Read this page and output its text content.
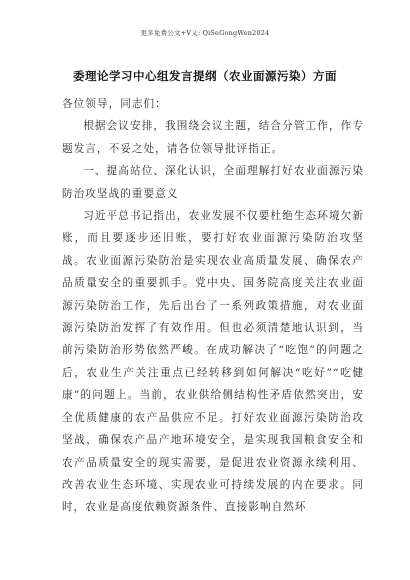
更多免费公文+V乂: QiSeGongWen2024
委理论学习中心组发言提纲（农业面源污染）方面

各位领导，同志们：

根据会议安排，我围绕会议主题，结合分管工作，作专题发言，不妥之处，请各位领导批评指正。

一、提高站位、深化认识，全面理解打好农业面源污染防治攻坚战的重要意义

习近平总书记指出，农业发展不仅要杜绝生态环境欠新账，而且要逐步还旧账，要打好农业面源污染防治攻坚战。农业面源污染防治是实现农业高质量发展、确保农产品质量安全的重要抓手。党中央、国务院高度关注农业面源污染防治工作，先后出台了一系列政策措施，对农业面源污染防治发挥了有效作用。但也必须清楚地认识到，当前污染防治形势依然严峻。在成功解决了“吃饱”的问题之后，农业生产关注重点已经转移到如何解决“吃好”“吃健康”的问题上。当前，农业供给侧结构性矛盾依然突出，安全优质健康的农产品供应不足。打好农业面源污染防治攻坚战，确保农产品产地环境安全，是实现我国粮食安全和农产品质量安全的现实需要，是促进农业资源永续利用、改善农业生态环境、实现农业可持续发展的内在要求。同时，农业是高度依赖资源条件、直接影响自然环
